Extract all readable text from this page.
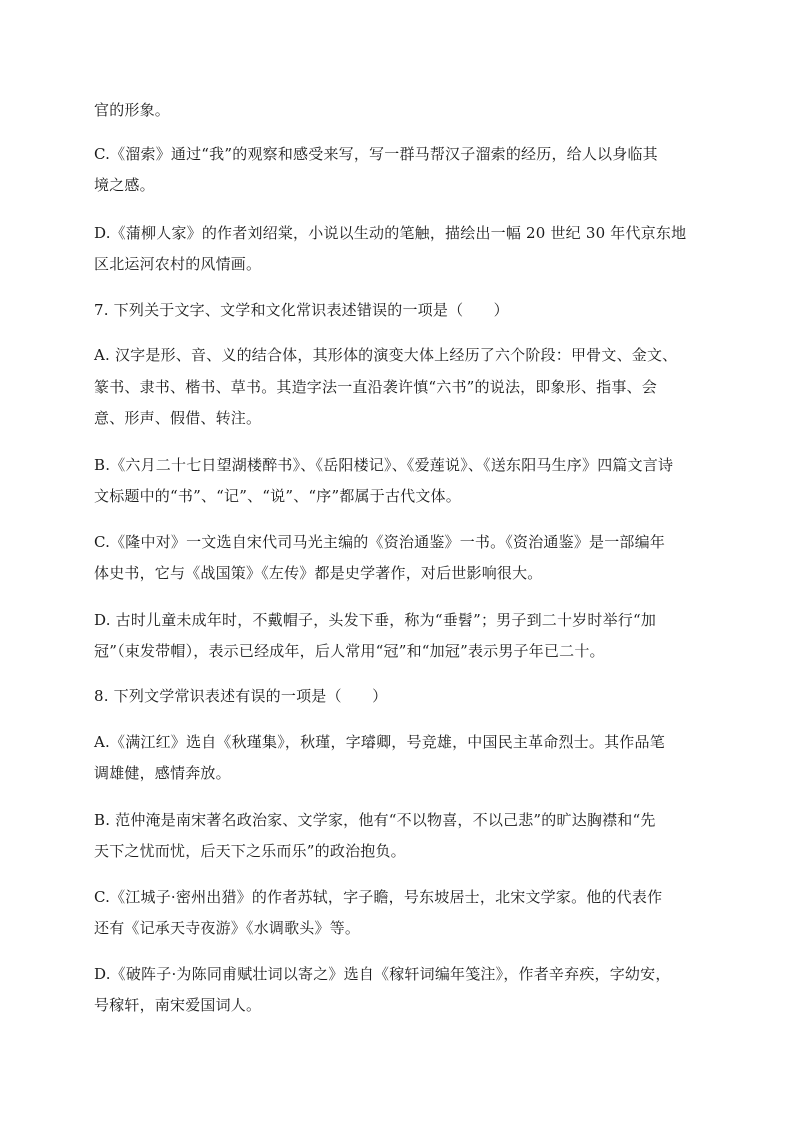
官的形象。
C.《溜索》通过“我”的观察和感受来写，写一群马帮汉子溜索的经历，给人以身临其
境之感。
D.《蒲柳人家》的作者刘绍棠，小说以生动的笔触，描绘出一幅 20 世纪 30 年代京东地
区北运河农村的风情画。
7. 下列关于文字、文学和文化常识表述错误的一项是（　　）
A. 汉字是形、音、义的结合体，其形体的演变大体上经历了六个阶段：甲骨文、金文、
篆书、隶书、楷书、草书。其造字法一直沿袭许慎“六书”的说法，即象形、指事、会
意、形声、假借、转注。
B.《六月二十七日望湖楼醉书》、《岳阳楼记》、《爱莲说》、《送东阳马生序》四篇文言诗
文标题中的“书”、“记”、“说”、“序”都属于古代文体。
C.《隆中对》一文选自宋代司马光主编的《资治通鉴》一书。《资治通鉴》是一部编年
体史书，它与《战国策》《左传》都是史学著作，对后世影响很大。
D. 古时儿童未成年时，不戴帽子，头发下垂，称为“垂髫”；男子到二十岁时举行“加
冠”（束发带帽），表示已经成年，后人常用“冠”和“加冠”表示男子年已二十。
8. 下列文学常识表述有误的一项是（　　）
A.《满江红》选自《秋瑾集》，秋瑾，字璿卿，号竞雄，中国民主革命烈士。其作品笔
调雄健，感情奔放。
B. 范仲淹是南宋著名政治家、文学家，他有“不以物喜，不以己悲”的旷达胸襟和“先
天下之忧而忧，后天下之乐而乐”的政治抱负。
C.《江城子·密州出猎》的作者苏轼，字子瞻，号东坡居士，北宋文学家。他的代表作
还有《记承天寺夜游》《水调歌头》等。
D.《破阵子·为陈同甫赋壮词以寄之》选自《稼轩词编年笺注》，作者辛弃疾，字幼安，
号稼轩，南宋爱国词人。
